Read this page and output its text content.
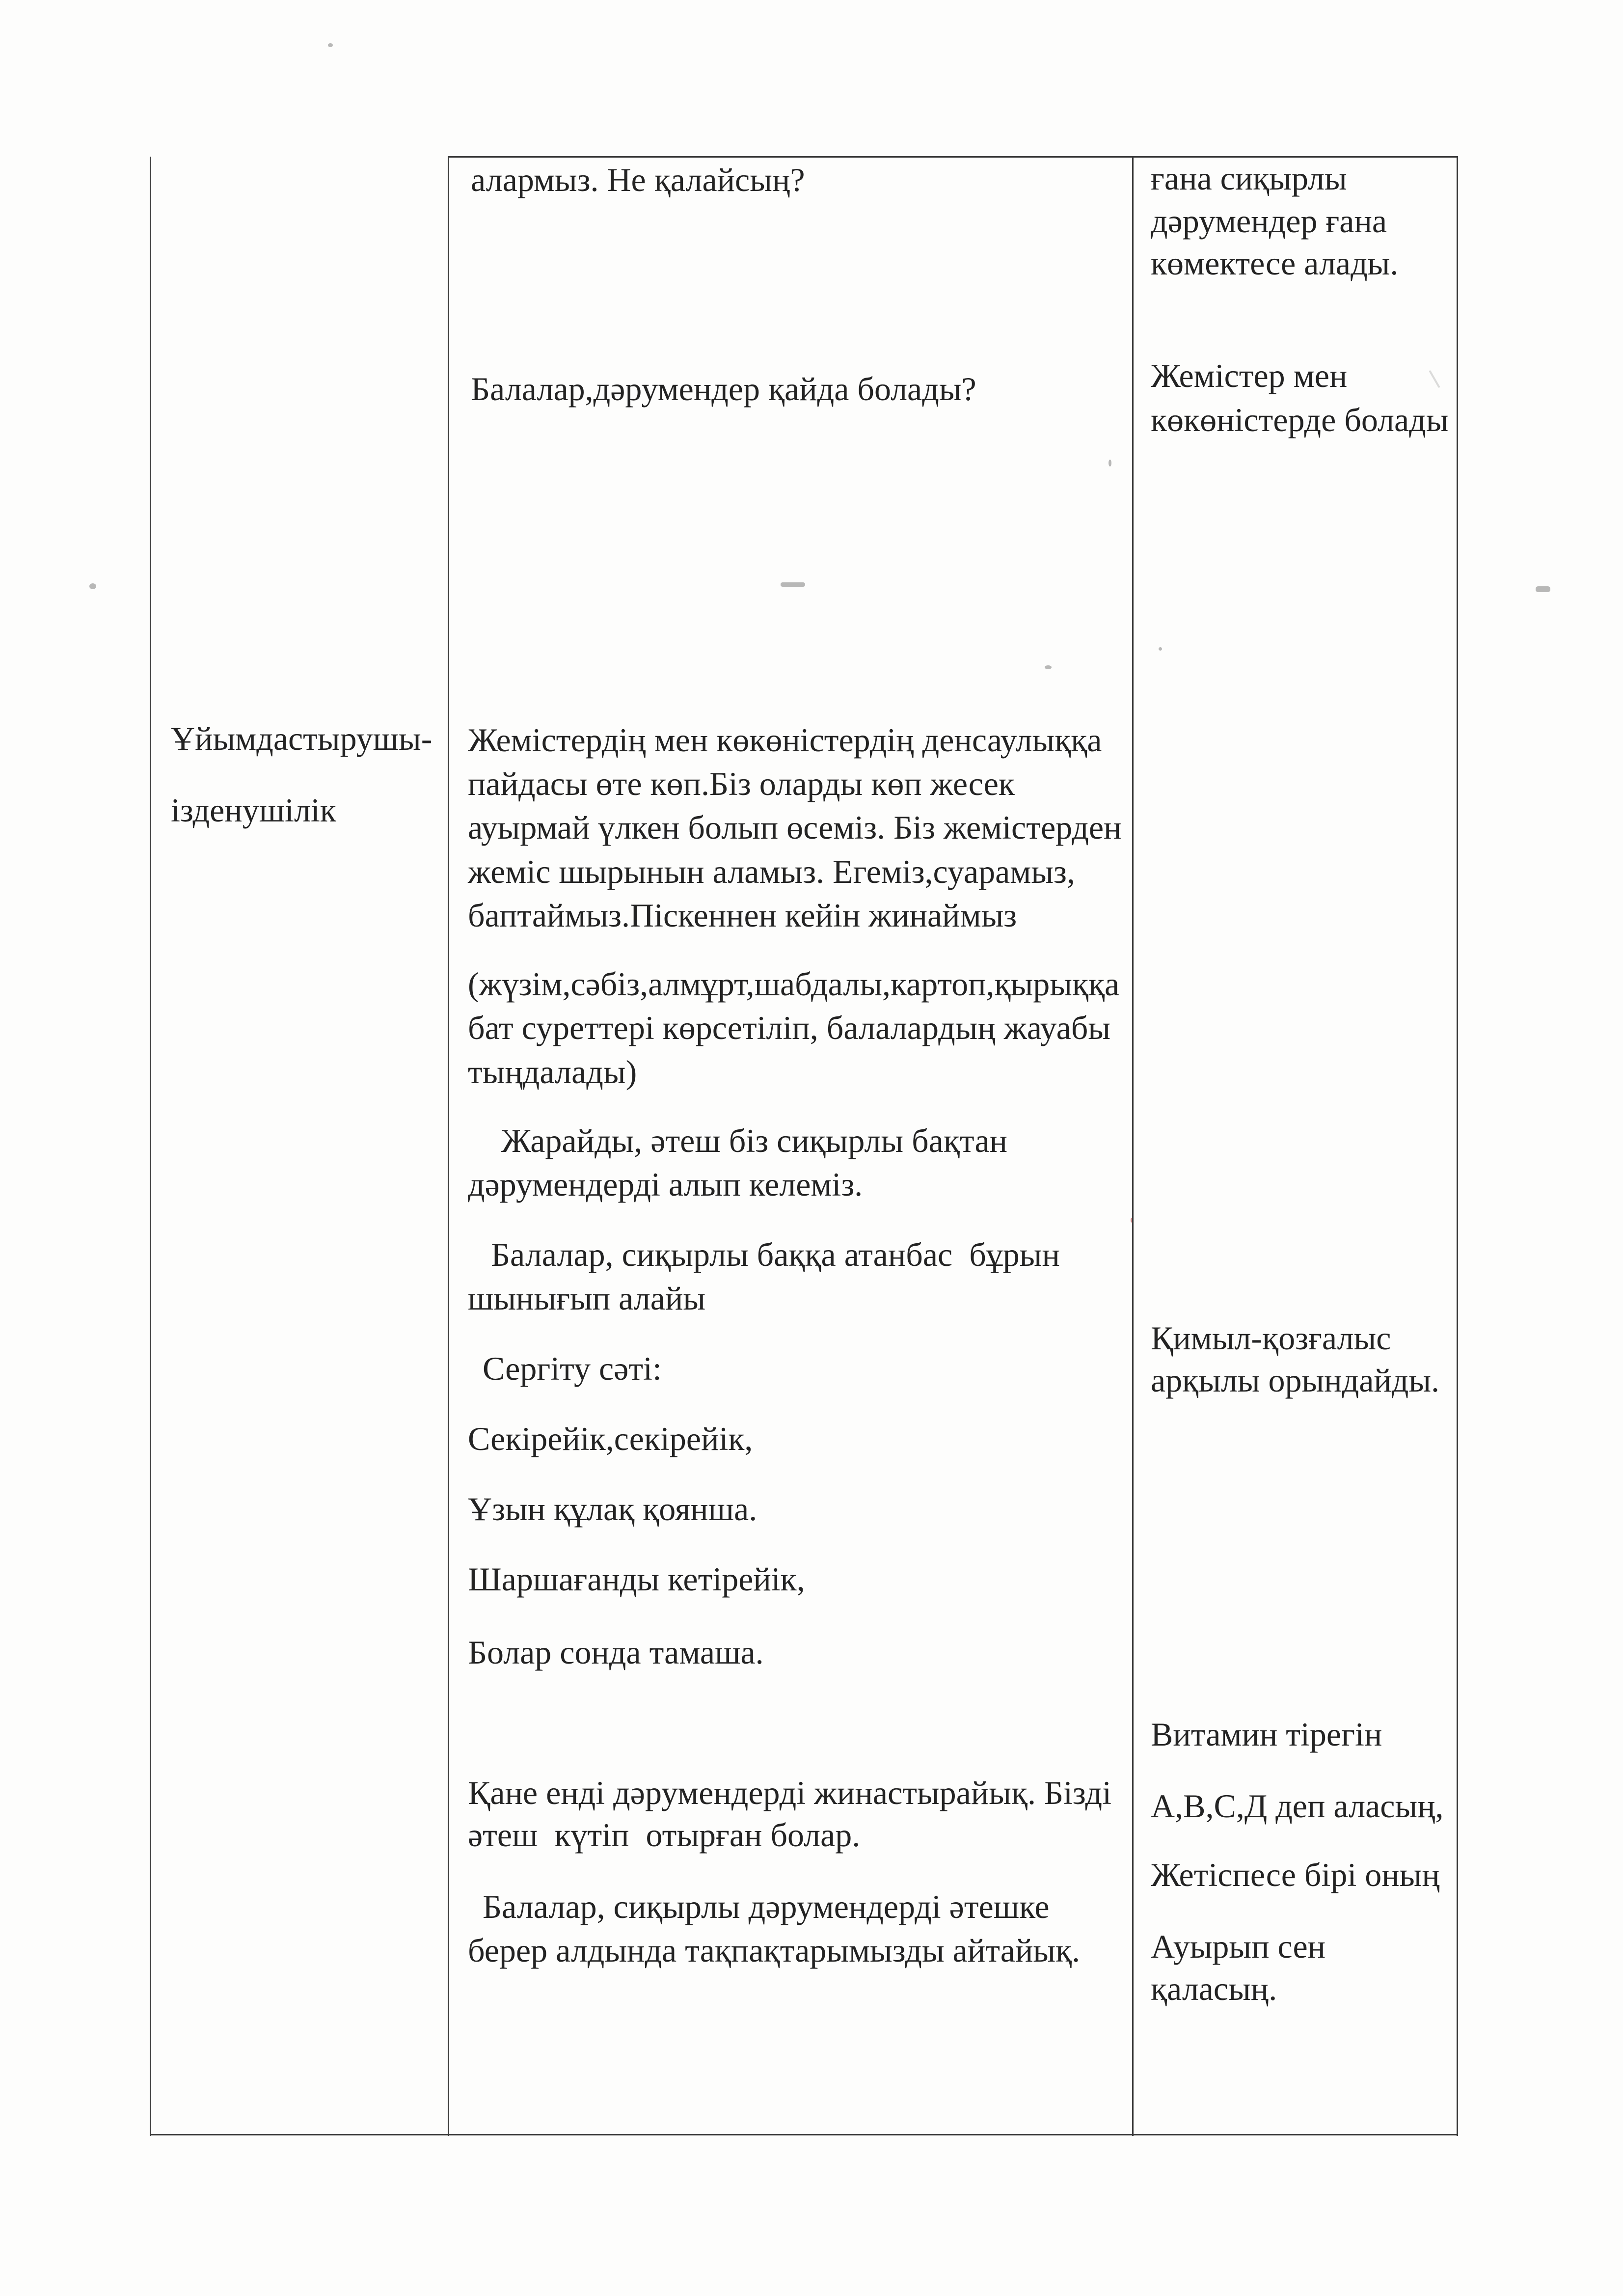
Ұйымдастырушы-
ізденушілік
алармыз. Не қалайсың?
Балалар,дәрумендер қайда болады?
Жемістердің мен көкөністердің денсаулыққа
пайдасы өте көп.Біз оларды көп жесек
ауырмай үлкен болып өсеміз. Біз жемістерден
жеміс шырынын аламыз. Егеміз,суарамыз,
баптаймыз.Піскеннен кейін жинаймыз
(жүзім,сәбіз,алмұрт,шабдалы,картоп,қырыққа
бат суреттері көрсетіліп, балалардың жауабы
тыңдалады)
Жарайды, әтеш біз сиқырлы бақтан
дәрумендерді алып келеміз.
Балалар, сиқырлы баққа атанбас  бұрын
шынығып алайы
Сергіту сәті:
Секірейік,секірейік,
Ұзын құлақ қоянша.
Шаршағанды кетірейік,
Болар сонда тамаша.
Қане енді дәрумендерді жинастырайық. Бізді
әтеш  күтіп  отырған болар.
Балалар, сиқырлы дәрумендерді әтешке
берер алдында тақпақтарымызды айтайық.
ғана сиқырлы
дәрумендер ғана
көмектесе алады.
Жемістер мен
көкөністерде болады
Қимыл-қозғалыс
арқылы орындайды.
Витамин тірегін
А,В,С,Д деп аласың,
Жетіспесе бірі оның
Ауырып сен
қаласың.
